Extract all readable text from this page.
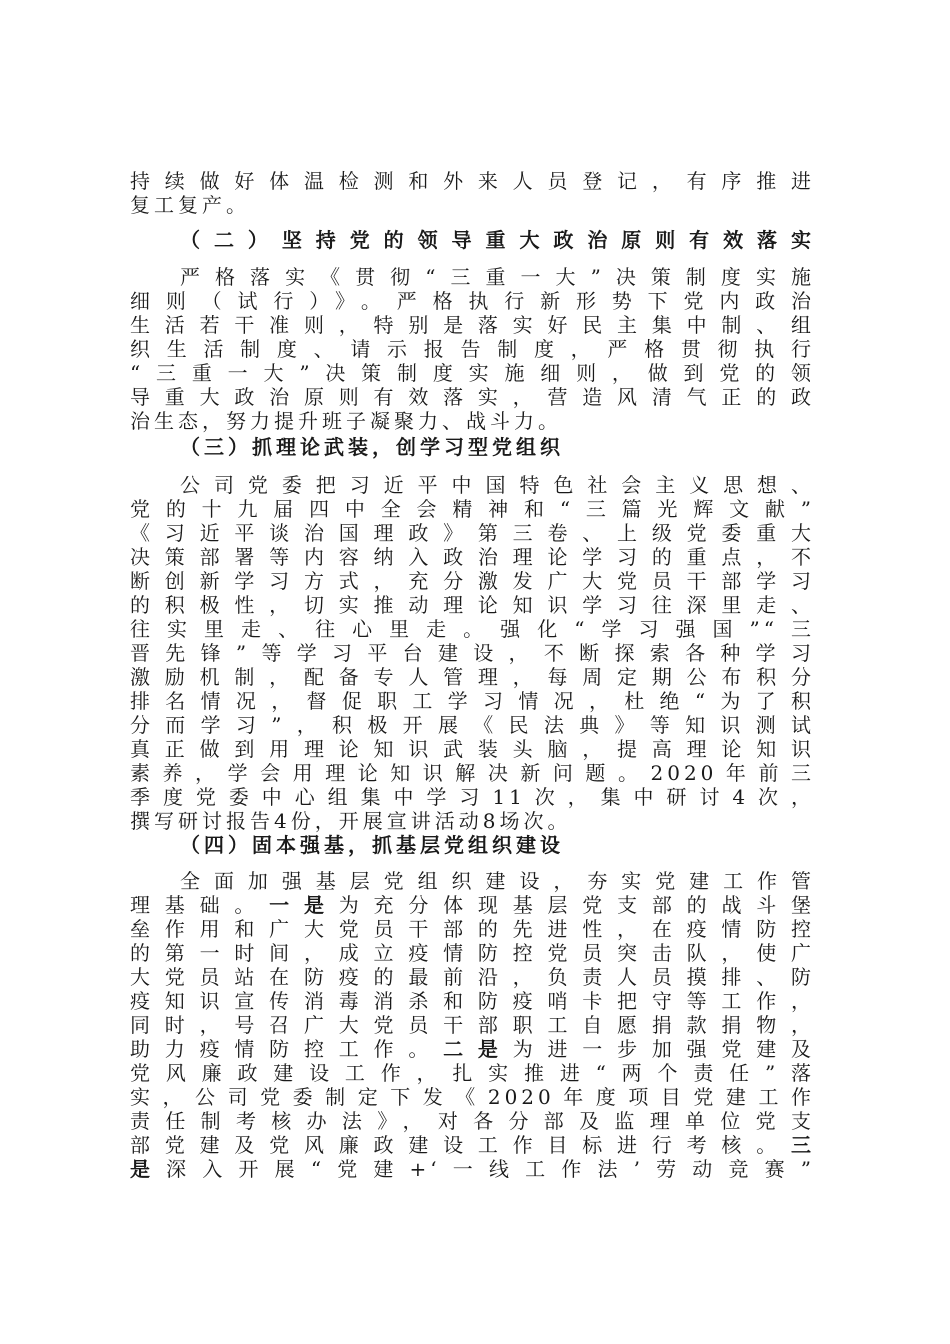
持续做好体温检测和外来人员登记，有序推进
复工复产。
（二）坚持党的领导重大政治原则有效落实
严格落实《贯彻“三重一大”决策制度实施
细则（试行）》。严格执行新形势下党内政治
生活若干准则，特别是落实好民主集中制、组
织生活制度、请示报告制度，严格贯彻执行
“三重一大”决策制度实施细则，做到党的领
导重大政治原则有效落实，营造风清气正的政
治生态，努力提升班子凝聚力、战斗力。
（三）抓理论武装，创学习型党组织
公司党委把习近平中国特色社会主义思想、
党的十九届四中全会精神和“三篇光辉文献”
《习近平谈治国理政》第三卷、上级党委重大
决策部署等内容纳入政治理论学习的重点，不
断创新学习方式，充分激发广大党员干部学习
的积极性，切实推动理论知识学习往深里走、
往实里走、往心里走。强化“学习强国”“三
晋先锋”等学习平台建设，不断探索各种学习
激励机制，配备专人管理，每周定期公布积分
排名情况，督促职工学习情况，杜绝“为了积
分而学习”，积极开展《民法典》等知识测试
真正做到用理论知识武装头脑，提高理论知识
素养，学会用理论知识解决新问题。2020年前三
季度党委中心组集中学习11次，集中研讨4次，
撰写研讨报告4份，开展宣讲活动8场次。
（四）固本强基，抓基层党组织建设
全面加强基层党组织建设，夯实党建工作管
理基础。一是为充分体现基层党支部的战斗堡
垒作用和广大党员干部的先进性，在疫情防控
的第一时间，成立疫情防控党员突击队，使广
大党员站在防疫的最前沿，负责人员摸排、防
疫知识宣传消毒消杀和防疫哨卡把守等工作，
同时，号召广大党员干部职工自愿捐款捐物，
助力疫情防控工作。二是为进一步加强党建及
党风廉政建设工作，扎实推进“两个责任”落
实，公司党委制定下发《2020年度项目党建工作
责任制考核办法》，对各分部及监理单位党支
部党建及党风廉政建设工作目标进行考核。三
是深入开展“党建+‘一线工作法’劳动竞赛”
